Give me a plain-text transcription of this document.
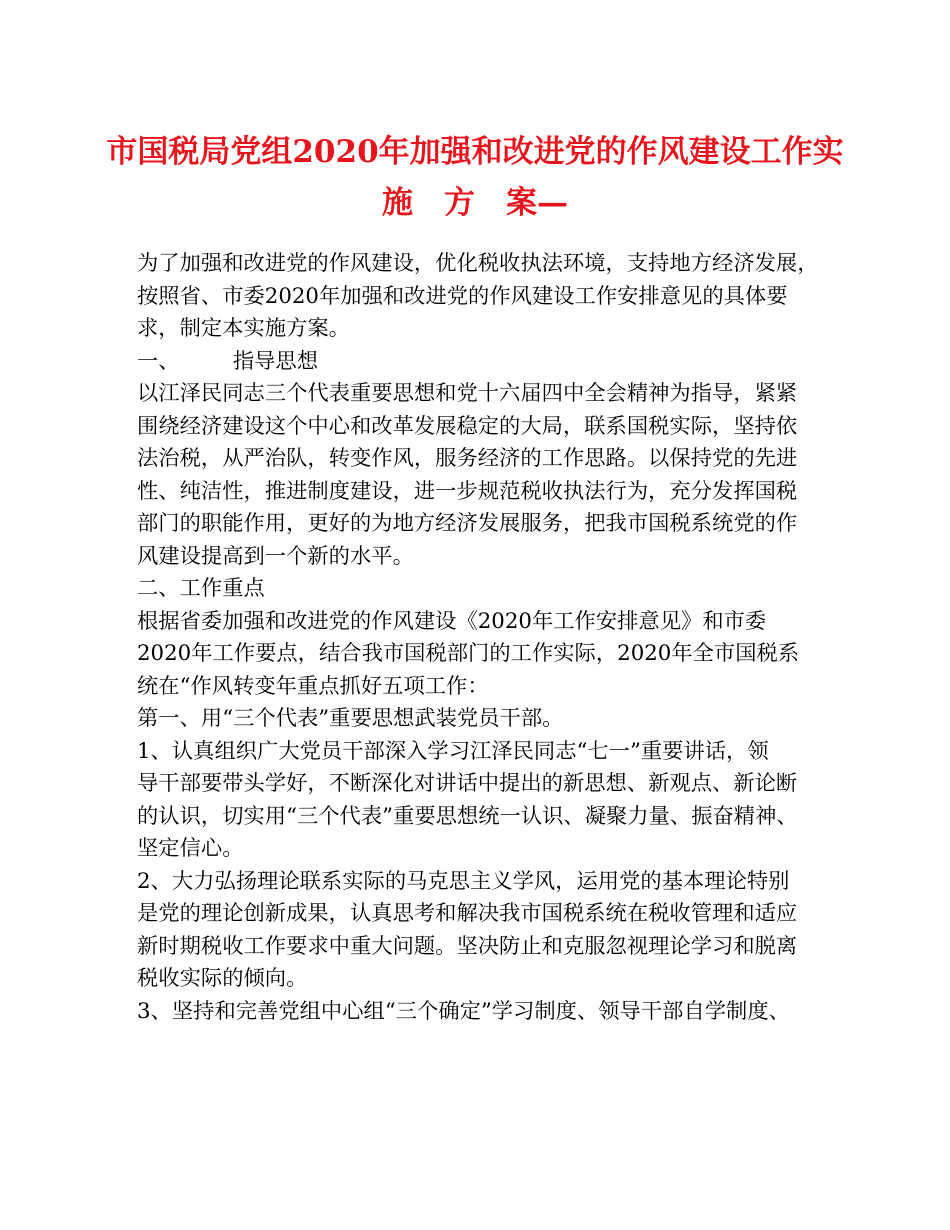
市国税局党组2020年加强和改进党的作风建设工作实
施　方　案—
为了加强和改进党的作风建设，优化税收执法环境，支持地方经济发展，
按照省、市委2020年加强和改进党的作风建设工作安排意见的具体要
求，制定本实施方案。
一、　　　指导思想
以江泽民同志三个代表重要思想和党十六届四中全会精神为指导，紧紧
围绕经济建设这个中心和改革发展稳定的大局，联系国税实际，坚持依
法治税，从严治队，转变作风，服务经济的工作思路。以保持党的先进
性、纯洁性，推进制度建设，进一步规范税收执法行为，充分发挥国税
部门的职能作用，更好的为地方经济发展服务，把我市国税系统党的作
风建设提高到一个新的水平。
二、工作重点
根据省委加强和改进党的作风建设《2020年工作安排意见》和市委
2020年工作要点，结合我市国税部门的工作实际，2020年全市国税系
统在“作风转变年重点抓好五项工作：
第一、用“三个代表”重要思想武装党员干部。
1、认真组织广大党员干部深入学习江泽民同志“七一”重要讲话，领
导干部要带头学好，不断深化对讲话中提出的新思想、新观点、新论断
的认识，切实用“三个代表”重要思想统一认识、凝聚力量、振奋精神、
坚定信心。
2、大力弘扬理论联系实际的马克思主义学风，运用党的基本理论特别
是党的理论创新成果，认真思考和解决我市国税系统在税收管理和适应
新时期税收工作要求中重大问题。坚决防止和克服忽视理论学习和脱离
税收实际的倾向。
3、坚持和完善党组中心组“三个确定”学习制度、领导干部自学制度、
